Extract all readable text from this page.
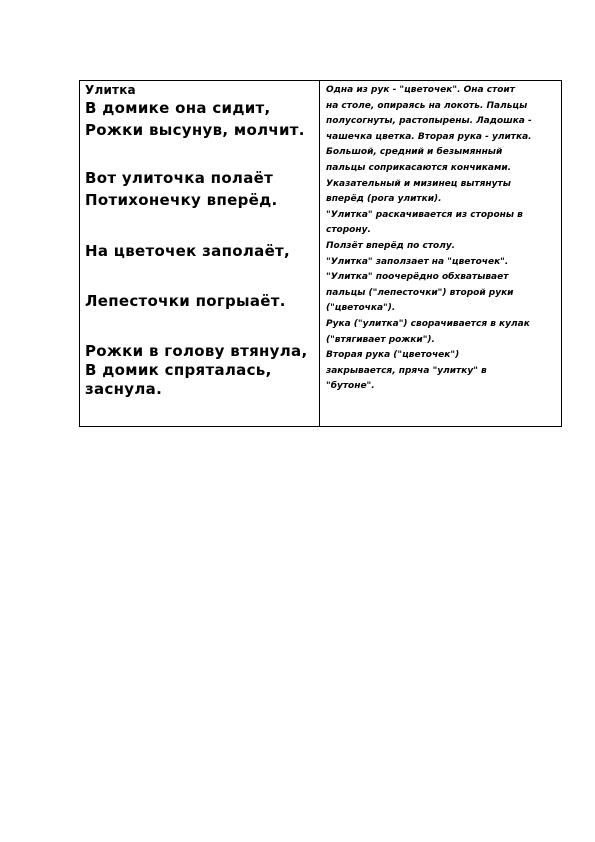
Улитка
В домике она сидит,
Рожки высунув, молчит.
Вот улиточка полаёт
Потихонечку вперёд.
На цветочек заполаёт,
Лепесточки погрыаёт.
Рожки в голову втянула,
В домик спряталась, заснула.

Одна из рук - "цветочек". Она стоит
на столе, опираясь на локоть. Пальцы
полусогнуты, растопырены. Ладошка -
чашечка цветка. Вторая рука - улитка.
Большой, средний и безымянный
пальцы соприкасаются кончиками.
Указательный и мизинец вытянуты
вперёд (рога улитки).
"Улитка" раскачивается из стороны в
сторону.
Ползёт вперёд по столу.
"Улитка" заползает на "цветочек".
"Улитка" поочерёдно обхватывает
пальцы ("лепесточки") второй руки
("цветочка").
Рука ("улитка") сворачивается в кулак
("втягивает рожки").
Вторая рука ("цветочек")
закрывается, пряча "улитку" в
"бутоне".
